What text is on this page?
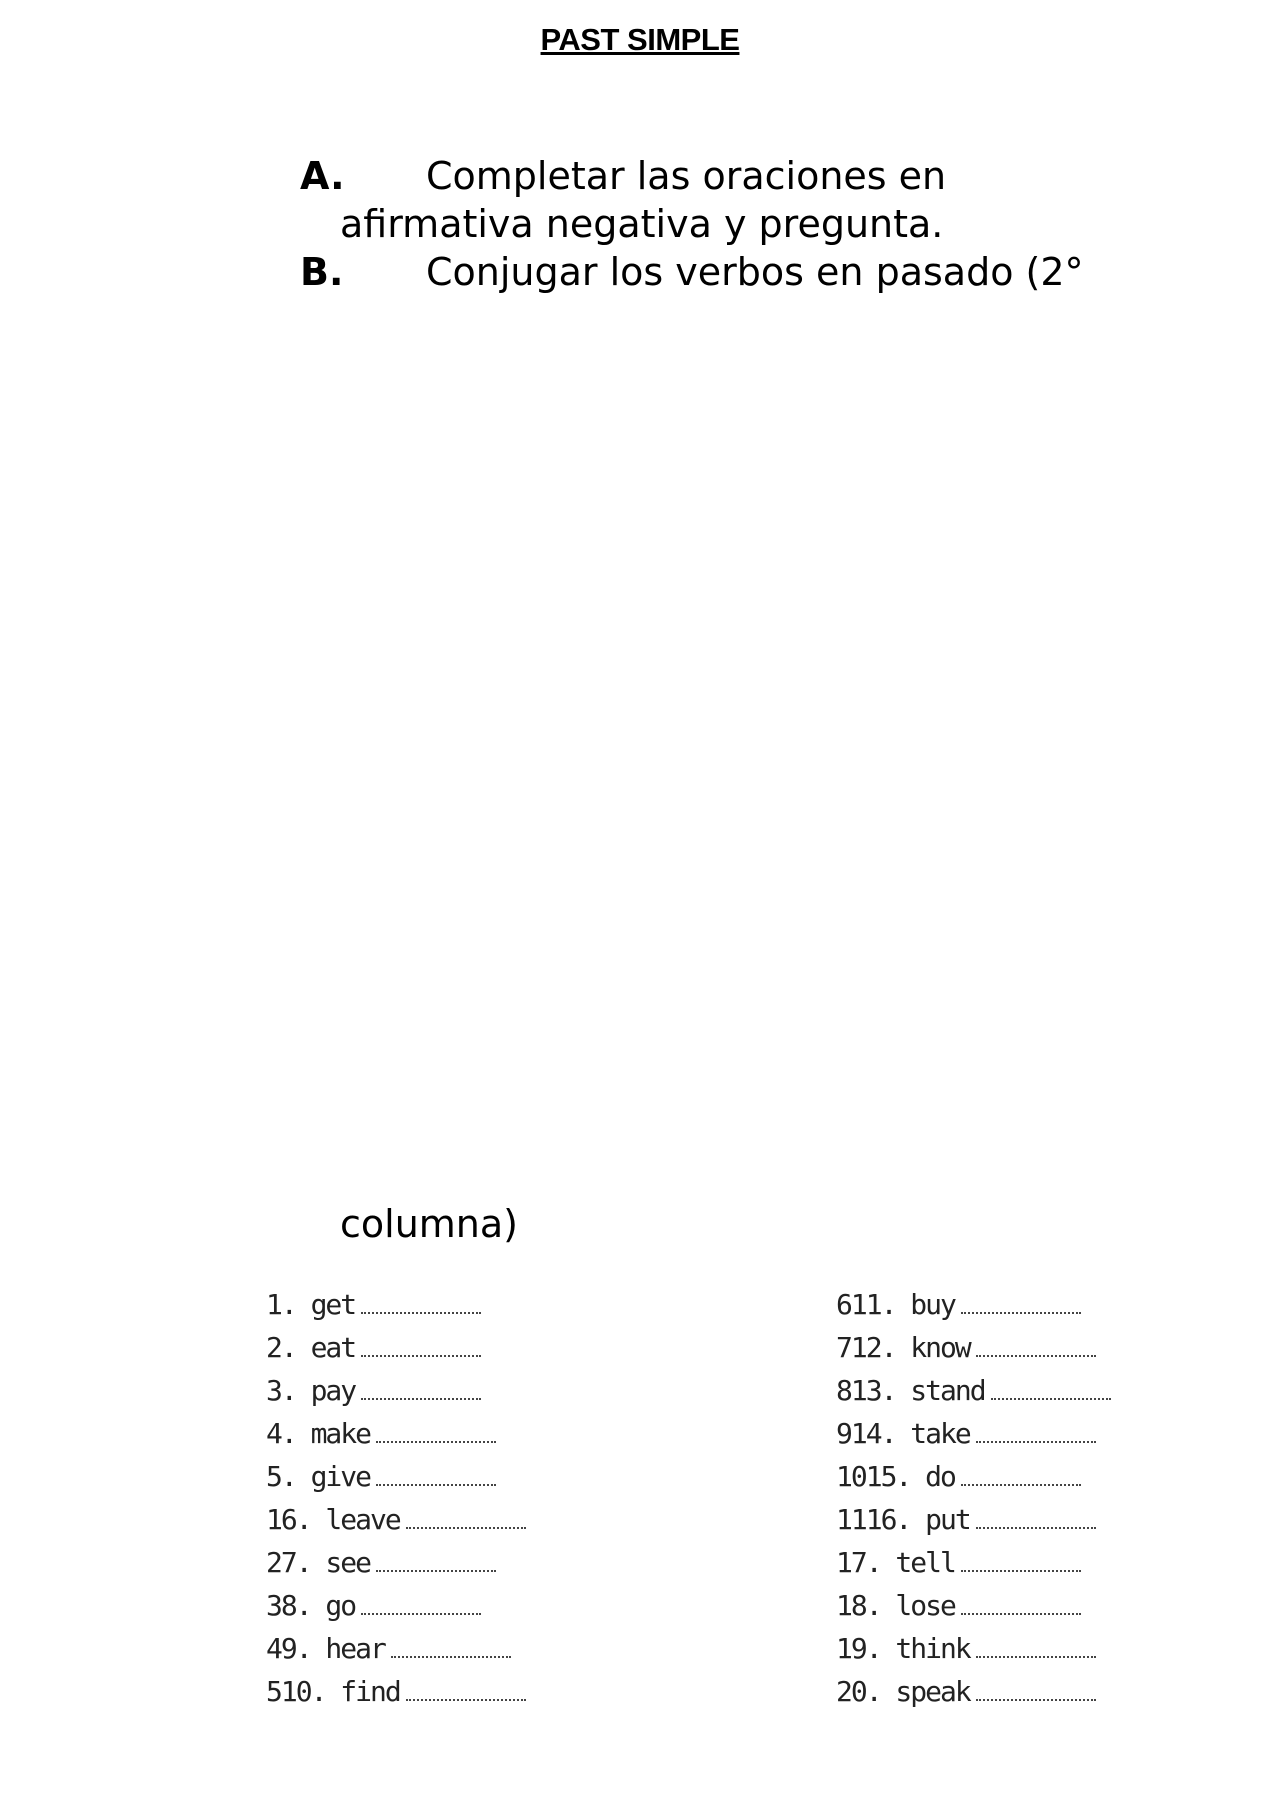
PAST SIMPLE
A. Completar las oraciones en
afirmativa negativa y pregunta.
B. Conjugar los verbos en pasado (2°
columna)
1. get
2. eat
3. pay
4. make
5. give
16. leave
27. see
38. go
49. hear
510. find
611. buy
712. know
813. stand
914. take
1015. do
1116. put
17. tell
18. lose
19. think
20. speak
